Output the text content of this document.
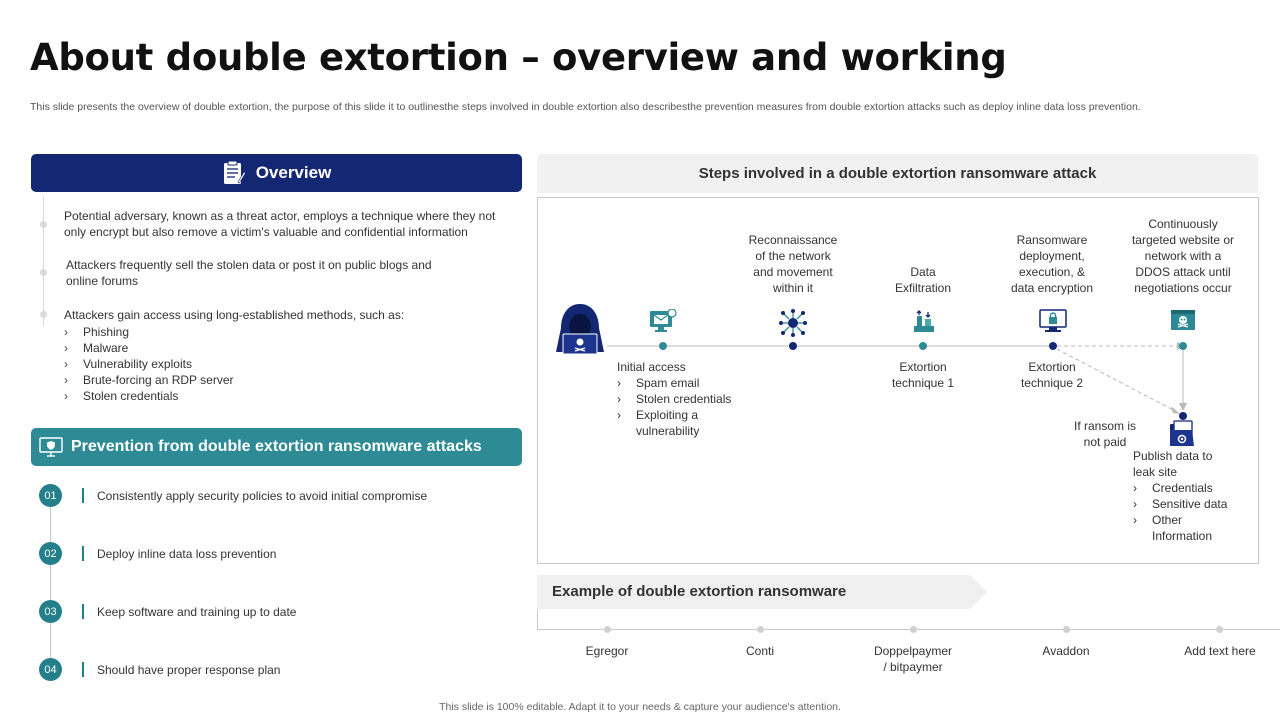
About double extortion – overview and working
This slide presents the overview of double extortion, the purpose of this slide it to outlinesthe steps involved in double extortion also describesthe prevention measures from double extortion attacks such as deploy inline data loss prevention.
Overview
Potential adversary, known as a threat actor, employs a technique where they not only encrypt but also remove a victim's valuable and confidential information
Attackers frequently sell the stolen data or post it on public blogs and online forums
Attackers gain access using long-established methods, such as:
› Phishing
› Malware
› Vulnerability exploits
› Brute-forcing an RDP server
› Stolen credentials
Prevention from double extortion ransomware attacks
01	Consistently apply security policies to avoid initial compromise
02	Deploy inline data loss prevention
03	Keep software and training up to date
04	Should have proper response plan
Steps involved in a double extortion ransomware attack
Reconnaissance
of the network
and movement
within it
Data
Exfiltration
Ransomware
deployment,
execution, &
data encryption
Continuously
targeted website or
network with a
DDOS attack until
negotiations occur
Initial access
› Spam email
› Stolen credentials
› Exploiting a
vulnerability
Extortion
technique 1
Extortion
technique 2
If ransom is
not paid
Publish data to
leak site
› Credentials
› Sensitive data
› Other
Information
Example of double extortion ransomware
Egregor	Conti	Doppelpaymer
/ bitpaymer
Avaddon	Add text here
This slide is 100% editable. Adapt it to your needs & capture your audience's attention.
